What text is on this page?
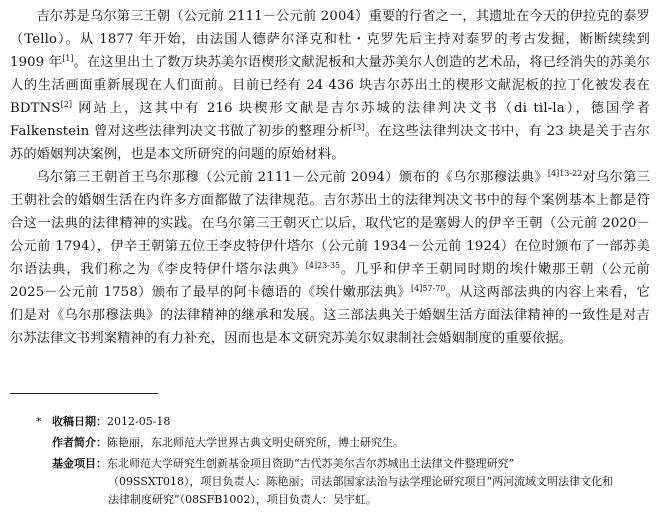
吉尔苏是乌尔第三王朝（公元前 2111－公元前 2004）重要的行省之一，其遗址在今天的伊拉克的泰罗（Tello）。从 1877 年开始，由法国人德萨尔泽克和杜・克罗先后主持对泰罗的考古发掘，断断续续到 1909 年[1]。在这里出土了数万块苏美尔语楔形文献泥板和大量苏美尔人创造的艺术品，将已经消失的苏美尔人的生活画面重新展现在人们面前。目前已经有 24 436 块吉尔苏出土的楔形文献泥板的拉丁化被发表在 BDTNS[2] 网站上，这其中有 216 块楔形文献是吉尔苏城的法律判决文书（di til-la），德国学者 Falkenstein 曾对这些法律判决文书做了初步的整理分析[3]。在这些法律判决文书中，有 23 块是关于吉尔苏的婚姻判决案例，也是本文所研究的问题的原始材料。

乌尔第三王朝首王乌尔那穆（公元前 2111－公元前 2094）颁布的《乌尔那穆法典》$^{[4]13-22}$对乌尔第三王朝社会的婚姻生活在内许多方面都做了法律规范。吉尔苏出土的法律判决文书中的每个案例基本上都是符合这一法典的法律精神的实践。在乌尔第三王朝灭亡以后，取代它的是塞姆人的伊辛王朝（公元前 2020－公元前 1794），伊辛王朝第五位王李皮特伊什塔尔（公元前 1934－公元前 1924）在位时颁布了一部苏美尔语法典，我们称之为《李皮特伊什塔尔法典》$^{[4]23-35}$。几乎和伊辛王朝同时期的埃什嫩那王朝（公元前 2025－公元前 1758）颁布了最早的阿卡德语的《埃什嫩那法典》$^{[4]57-70}$。从这两部法典的内容上来看，它们是对《乌尔那穆法典》的法律精神的继承和发展。这三部法典关于婚姻生活方面法律精神的一致性是对吉尔苏法律文书判案精神的有力补充，因而也是本文研究苏美尔奴隶制社会婚姻制度的重要依据。

* 收稿日期：2012-05-18

作者简介：陈艳丽，东北师范大学世界古典文明史研究所，博士研究生。

基金项目：东北师范大学研究生创新基金项目资助“古代苏美尔吉尔苏城出土法律文件整理研究”
（09SSXT018），项目负责人：陈艳丽；司法部国家法治与法学理论研究项目“两河流域文明法律文化和
法律制度研究”（08SFB1002），项目负责人：吴宇虹。
